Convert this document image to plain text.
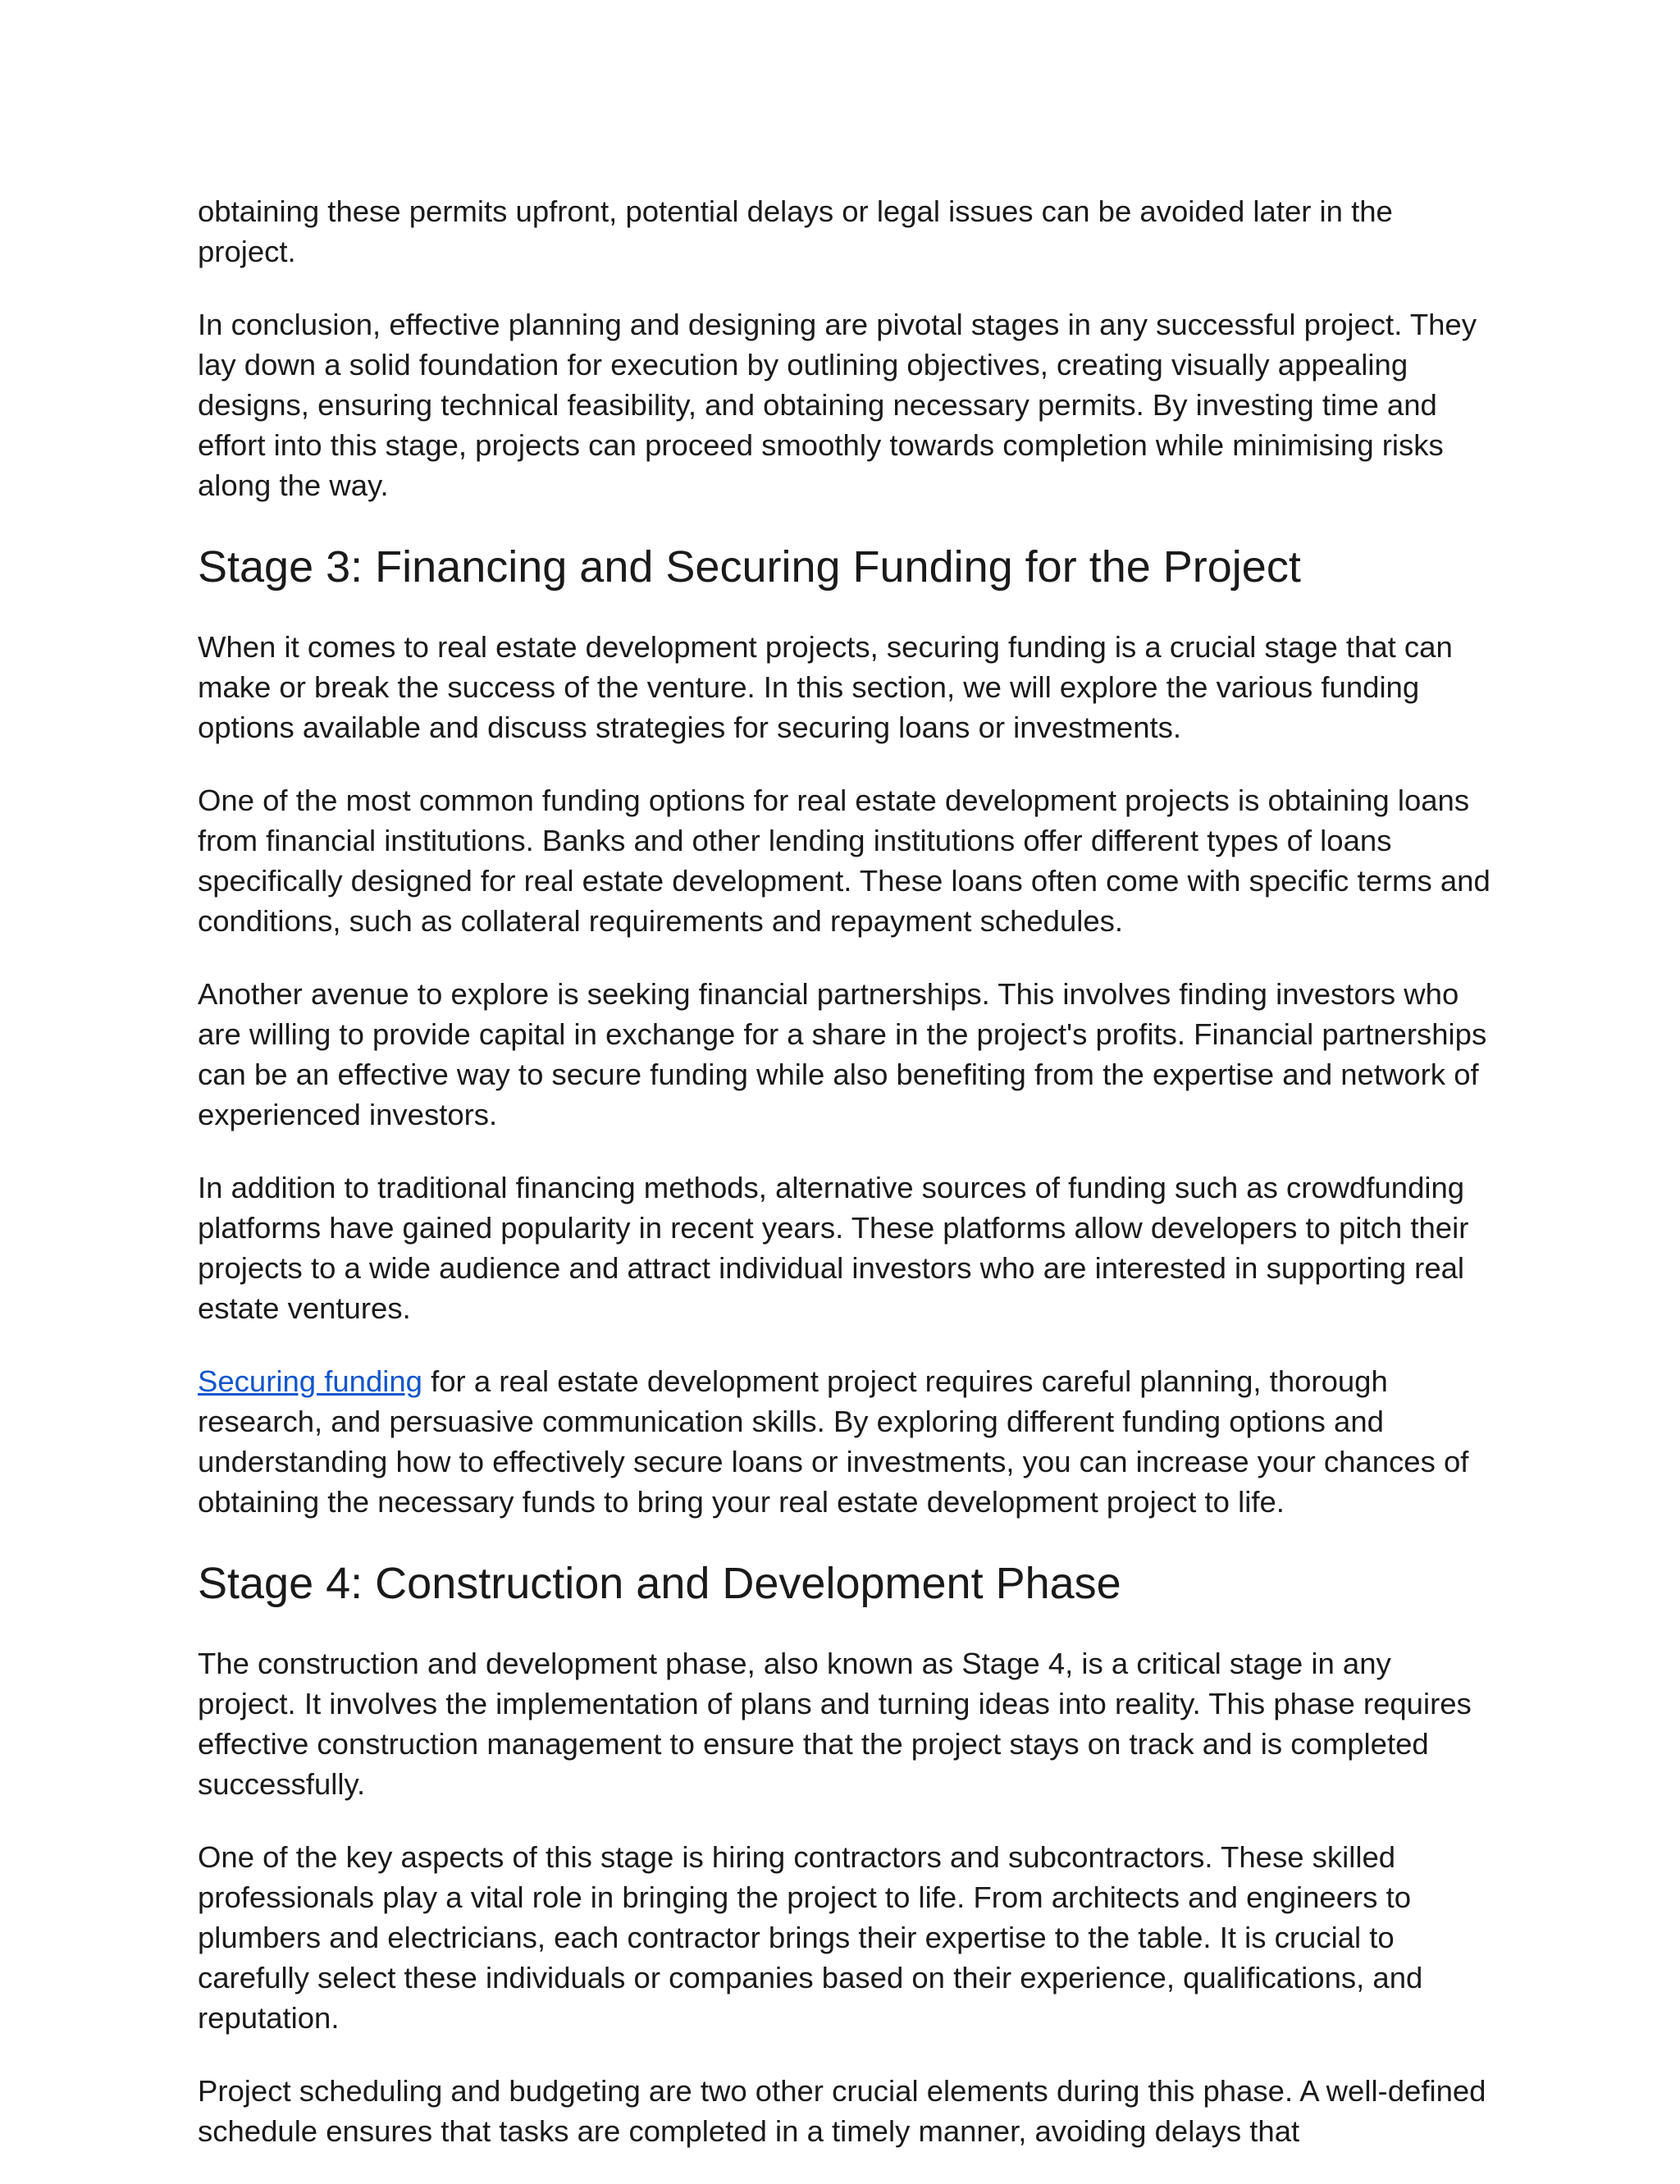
obtaining these permits upfront, potential delays or legal issues can be avoided later in the project.

In conclusion, effective planning and designing are pivotal stages in any successful project. They lay down a solid foundation for execution by outlining objectives, creating visually appealing designs, ensuring technical feasibility, and obtaining necessary permits. By investing time and effort into this stage, projects can proceed smoothly towards completion while minimising risks along the way.

Stage 3: Financing and Securing Funding for the Project

When it comes to real estate development projects, securing funding is a crucial stage that can make or break the success of the venture. In this section, we will explore the various funding options available and discuss strategies for securing loans or investments.

One of the most common funding options for real estate development projects is obtaining loans from financial institutions. Banks and other lending institutions offer different types of loans specifically designed for real estate development. These loans often come with specific terms and conditions, such as collateral requirements and repayment schedules.

Another avenue to explore is seeking financial partnerships. This involves finding investors who are willing to provide capital in exchange for a share in the project's profits. Financial partnerships can be an effective way to secure funding while also benefiting from the expertise and network of experienced investors.

In addition to traditional financing methods, alternative sources of funding such as crowdfunding platforms have gained popularity in recent years. These platforms allow developers to pitch their projects to a wide audience and attract individual investors who are interested in supporting real estate ventures.

Securing funding for a real estate development project requires careful planning, thorough research, and persuasive communication skills. By exploring different funding options and understanding how to effectively secure loans or investments, you can increase your chances of obtaining the necessary funds to bring your real estate development project to life.

Stage 4: Construction and Development Phase

The construction and development phase, also known as Stage 4, is a critical stage in any project. It involves the implementation of plans and turning ideas into reality. This phase requires effective construction management to ensure that the project stays on track and is completed successfully.

One of the key aspects of this stage is hiring contractors and subcontractors. These skilled professionals play a vital role in bringing the project to life. From architects and engineers to plumbers and electricians, each contractor brings their expertise to the table. It is crucial to carefully select these individuals or companies based on their experience, qualifications, and reputation.

Project scheduling and budgeting are two other crucial elements during this phase. A well-defined schedule ensures that tasks are completed in a timely manner, avoiding delays that
